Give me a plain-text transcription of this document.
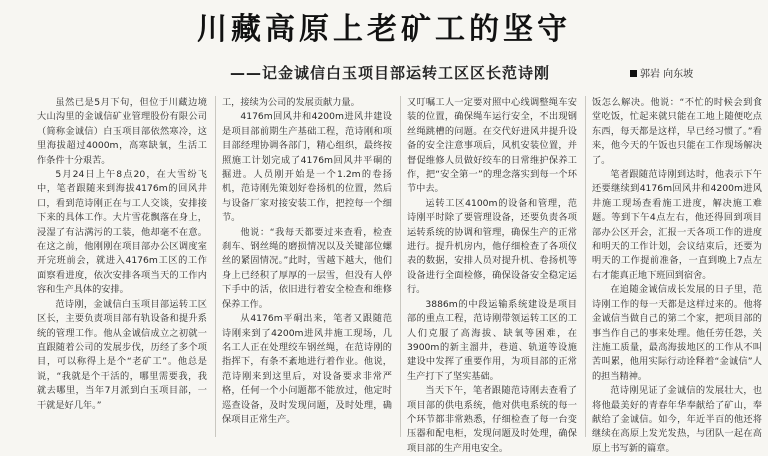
川藏高原上老矿工的坚守
——记金诚信白玉项目部运转工区区长范诗刚	郭岩 向东坡

虽然已是5月下旬，但位于川藏边境大山沟里的金诚信矿业管理股份有限公司（简称金诚信）白玉项目部依然寒冷，这里海拔超过4000m，高寒缺氧，生活工作条件十分艰苦。

5月24日上午8点20，在大雪纷飞中，笔者跟随来到海拔4176m的回风井口，看到范诗刚正在与工人交谈，安排接下来的具体工作。大片雪花飘落在身上，浸湿了有沾满污的工装，他却毫不在意。在这之前，他刚刚在项目部办公区调度室开完班前会，就进入4176m工区的工作面察看进度，依次安排各项当天的工作内容和生产具体的安排。

范诗刚，金诚信白玉项目部运转工区区长，主要负责项目部有轨设备和提升系统的管理工作。他从金诚信成立之初就一直跟随着公司的发展步伐，历经了多个项目，可以称得上是个“老矿工”。他总是说，“我就是个干活的，哪里需要我，我就去哪里，当年7月派到白玉项目部，一干就是好几年。”

工，接续为公司的发展贡献力量。

4176m回风井和4200m进风井建设是项目部前期生产基础工程，范诗刚和项目部经理协调各部门，精心组织，最终按照施工计划完成了4176m回风井平硐的掘进。人员刚开始是一个1.2m的卷扬机，范诗刚先策划好卷扬机的位置，然后与设备厂家对接安装工作，把控每一个细节。

他说：“我每天都要过来查看，检查刹车、钢丝绳的磨损情况以及关键部位螺丝的紧固情况。”此时，雪越下越大，他们身上已经积了厚厚的一层雪，但没有人停下手中的活，依旧进行着安全检查和维修保养工作。

从4176m平硐出来，笔者又跟随范诗刚来到了4200m进风井施工现场，几名工人正在处理绞车钢丝绳，在范诗刚的指挥下，有条不紊地进行着作业。他说，范诗刚来到这里后，对设备要求非常严格，任何一个小问题都不能放过，他定时巡查设备，及时发现问题，及时处理，确保项目正常生产。

又叮嘱工人一定要对照中心线调整绳车安装的位置，确保绳车运行安全，不出现钢丝绳跳槽的问题。在交代好进风井提升设备的安全注意事项后，风机安装位置，并督促维修人员做好绞车的日常维护保养工作，把“安全第一”的理念落实到每一个环节中去。

运转工区4100m的设备和管理，范诗刚平时除了要管理设备，还要负责各项运转系统的协调和管理，确保生产的正常进行。提升机房内，他仔细检查了各项仪表的数据，安排人员对提升机、卷扬机等设备进行全面检修，确保设备安全稳定运行。

3886m的中段运输系统建设是项目部的重点工程，范诗刚带领运转工区的工人们克服了高海拔、缺氧等困难，在3900m的新主溜井，巷道、轨道等设施建设中发挥了重要作用，为项目部的正常生产打下了坚实基础。

当天下午，笔者跟随范诗刚去查看了项目部的供电系统，他对供电系统的每一个环节都非常熟悉，仔细检查了每一台变压器和配电柜，发现问题及时处理，确保项目部的生产用电安全。

饭怎么解决。他说：“不忙的时候会到食堂吃饭，忙起来就只能在工地上随便吃点东西，每天都是这样，早已经习惯了。”看来，他今天的午饭也只能在工作现场解决了。

笔者跟随范诗刚到达时，他表示下午还要继续到4176m回风井和4200m进风井施工现场查看施工进度，解决施工难题。等到下午4点左右，他还得回到项目部办公区开会，汇报一天各项工作的进度和明天的工作计划，会议结束后，还要为明天的工作提前准备，一直到晚上7点左右才能真正地下班回到宿舍。

在追随金诚信成长发展的日子里，范诗刚工作的每一天都是这样过来的。他将金诚信当做自己的第二个家，把项目部的事当作自己的事来处理。他任劳任怨，关注施工质量，最高海拔地区的工作从不叫苦叫累，他用实际行动诠释着“金诚信”人的担当精神。

范诗刚见证了金诚信的发展壮大，也将他最美好的青春年华奉献给了矿山，奉献给了金诚信。如今，年近半百的他还将继续在高原上发光发热，与团队一起在高原上书写新的篇章。
